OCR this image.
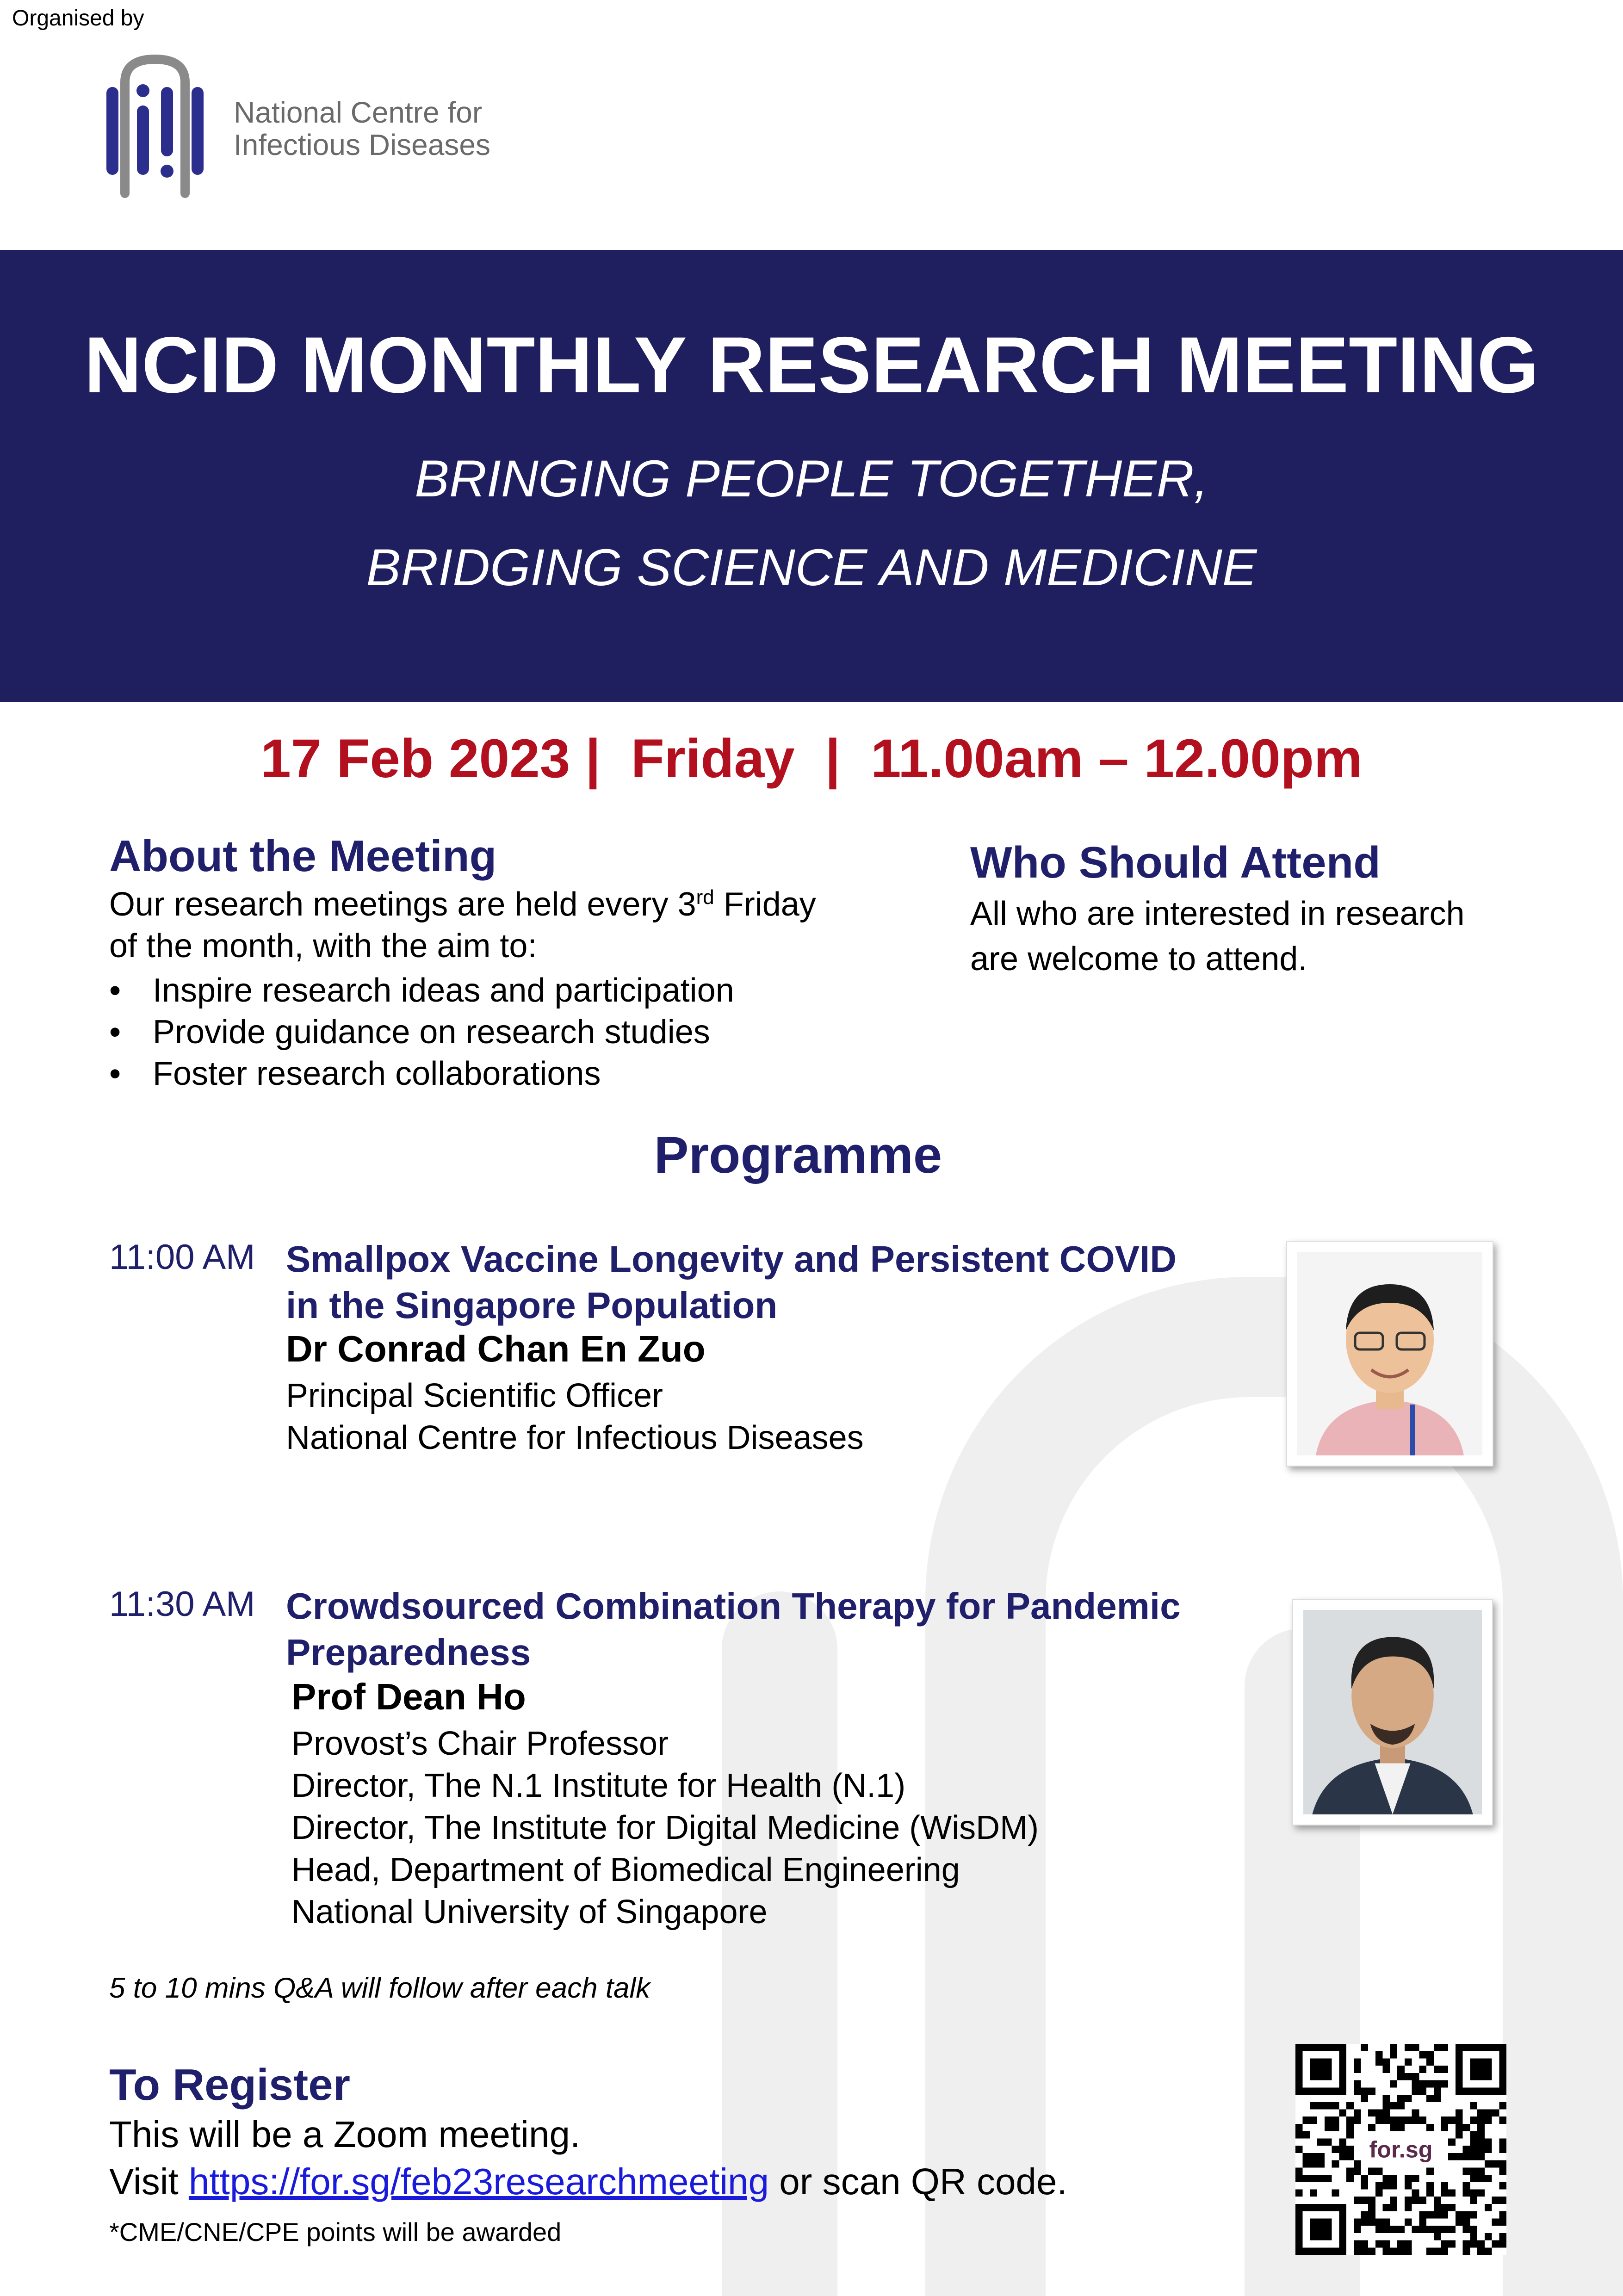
Organised by
National Centre for
Infectious Diseases
NCID MONTHLY RESEARCH MEETING
BRINGING PEOPLE TOGETHER,
BRIDGING SCIENCE AND MEDICINE
17 Feb 2023 |  Friday  |  11.00am – 12.00pm
About the Meeting
Our research meetings are held every 3rd Friday
of the month, with the aim to:
• Inspire research ideas and participation
• Provide guidance on research studies
• Foster research collaborations
Who Should Attend
All who are interested in research
are welcome to attend.
Programme
11:00 AM Smallpox Vaccine Longevity and Persistent COVID
in the Singapore Population
Dr Conrad Chan En Zuo
Principal Scientific Officer
National Centre for Infectious Diseases
11:30 AM Crowdsourced Combination Therapy for Pandemic
Preparedness
Prof Dean Ho
Provost’s Chair Professor
Director, The N.1 Institute for Health (N.1)
Director, The Institute for Digital Medicine (WisDM)
Head, Department of Biomedical Engineering
National University of Singapore
5 to 10 mins Q&A will follow after each talk
To Register
This will be a Zoom meeting.
Visit https://for.sg/feb23researchmeeting or scan QR code.
*CME/CNE/CPE points will be awarded
for.sg
